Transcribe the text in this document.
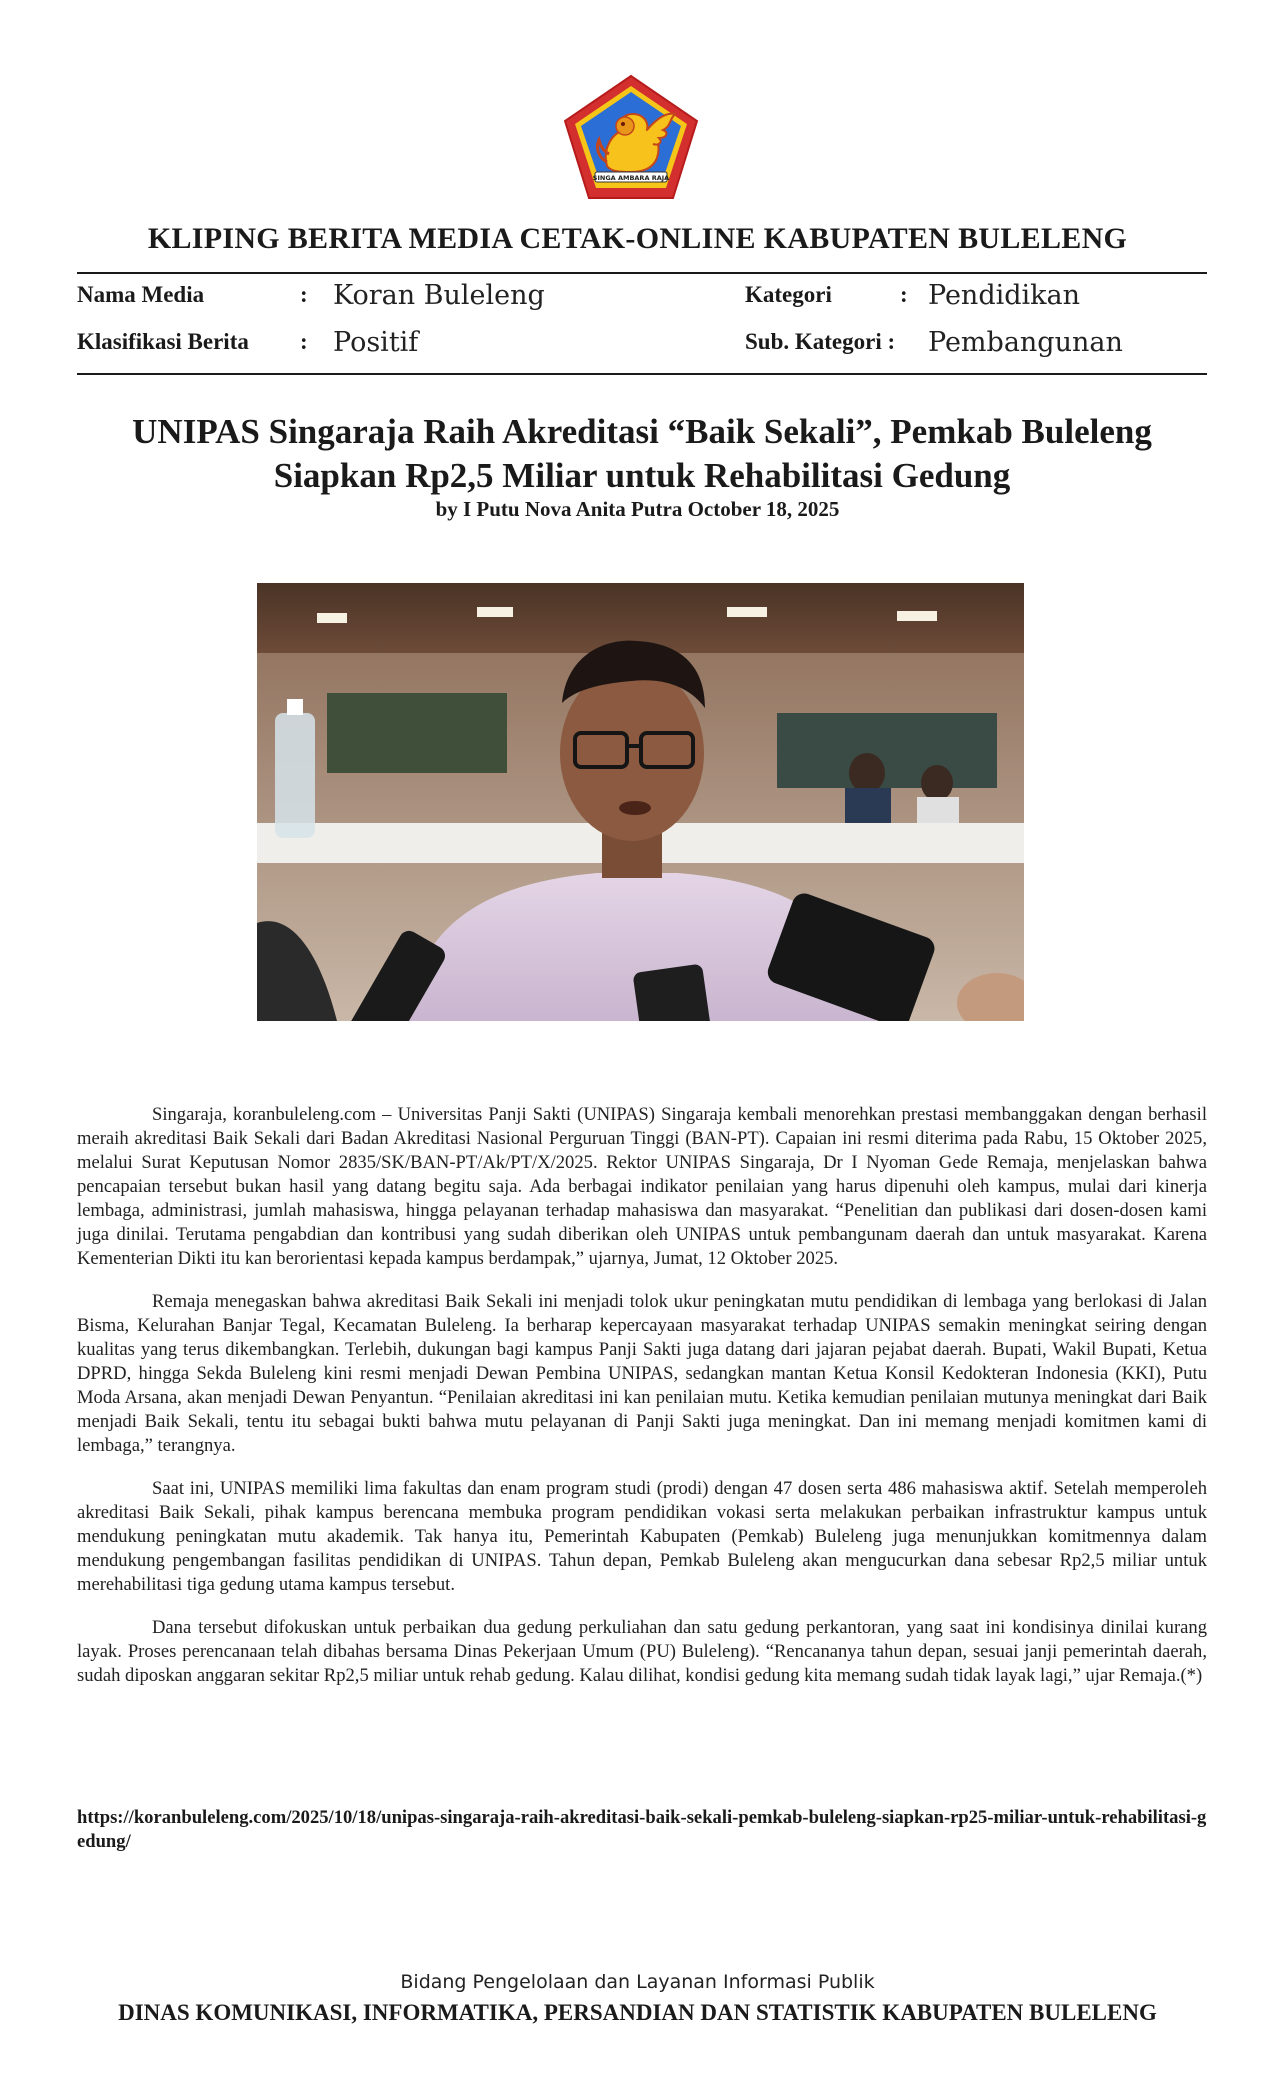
SINGA AMBARA RAJA
KLIPING BERITA MEDIA CETAK-ONLINE KABUPATEN BULELENG
Nama Media	: Koran Buleleng
Klasifikasi Berita : Positif
Kategori	: Pendidikan
Sub. Kategori : Pembangunan
UNIPAS Singaraja Raih Akreditasi “Baik Sekali”, Pemkab Buleleng Siapkan Rp2,5 Miliar untuk Rehabilitasi Gedung
by I Putu Nova Anita Putra October 18, 2025

Singaraja, koranbuleleng.com – Universitas Panji Sakti (UNIPAS) Singaraja kembali menorehkan prestasi membanggakan dengan berhasil meraih akreditasi Baik Sekali dari Badan Akreditasi Nasional Perguruan Tinggi (BAN-PT). Capaian ini resmi diterima pada Rabu, 15 Oktober 2025, melalui Surat Keputusan Nomor 2835/SK/BAN-PT/Ak/PT/X/2025. Rektor UNIPAS Singaraja, Dr I Nyoman Gede Remaja, menjelaskan bahwa pencapaian tersebut bukan hasil yang datang begitu saja. Ada berbagai indikator penilaian yang harus dipenuhi oleh kampus, mulai dari kinerja lembaga, administrasi, jumlah mahasiswa, hingga pelayanan terhadap mahasiswa dan masyarakat. “Penelitian dan publikasi dari dosen-dosen kami juga dinilai. Terutama pengabdian dan kontribusi yang sudah diberikan oleh UNIPAS untuk pembangunam daerah dan untuk masyarakat. Karena Kementerian Dikti itu kan berorientasi kepada kampus berdampak,” ujarnya, Jumat, 12 Oktober 2025.

Remaja menegaskan bahwa akreditasi Baik Sekali ini menjadi tolok ukur peningkatan mutu pendidikan di lembaga yang berlokasi di Jalan Bisma, Kelurahan Banjar Tegal, Kecamatan Buleleng. Ia berharap kepercayaan masyarakat terhadap UNIPAS semakin meningkat seiring dengan kualitas yang terus dikembangkan. Terlebih, dukungan bagi kampus Panji Sakti juga datang dari jajaran pejabat daerah. Bupati, Wakil Bupati, Ketua DPRD, hingga Sekda Buleleng kini resmi menjadi Dewan Pembina UNIPAS, sedangkan mantan Ketua Konsil Kedokteran Indonesia (KKI), Putu Moda Arsana, akan menjadi Dewan Penyantun. “Penilaian akreditasi ini kan penilaian mutu. Ketika kemudian penilaian mutunya meningkat dari Baik menjadi Baik Sekali, tentu itu sebagai bukti bahwa mutu pelayanan di Panji Sakti juga meningkat. Dan ini memang menjadi komitmen kami di lembaga,” terangnya.

Saat ini, UNIPAS memiliki lima fakultas dan enam program studi (prodi) dengan 47 dosen serta 486 mahasiswa aktif. Setelah memperoleh akreditasi Baik Sekali, pihak kampus berencana membuka program pendidikan vokasi serta melakukan perbaikan infrastruktur kampus untuk mendukung peningkatan mutu akademik. Tak hanya itu, Pemerintah Kabupaten (Pemkab) Buleleng juga menunjukkan komitmennya dalam mendukung pengembangan fasilitas pendidikan di UNIPAS. Tahun depan, Pemkab Buleleng akan mengucurkan dana sebesar Rp2,5 miliar untuk merehabilitasi tiga gedung utama kampus tersebut.

Dana tersebut difokuskan untuk perbaikan dua gedung perkuliahan dan satu gedung perkantoran, yang saat ini kondisinya dinilai kurang layak. Proses perencanaan telah dibahas bersama Dinas Pekerjaan Umum (PU) Buleleng). “Rencananya tahun depan, sesuai janji pemerintah daerah, sudah diposkan anggaran sekitar Rp2,5 miliar untuk rehab gedung. Kalau dilihat, kondisi gedung kita memang sudah tidak layak lagi,” ujar Remaja.(*)

https://koranbuleleng.com/2025/10/18/unipas-singaraja-raih-akreditasi-baik-sekali-pemkab-buleleng-siapkan-rp25-miliar-untuk-rehabilitasi-gedung/
Bidang Pengelolaan dan Layanan Informasi Publik
DINAS KOMUNIKASI, INFORMATIKA, PERSANDIAN DAN STATISTIK KABUPATEN BULELENG
